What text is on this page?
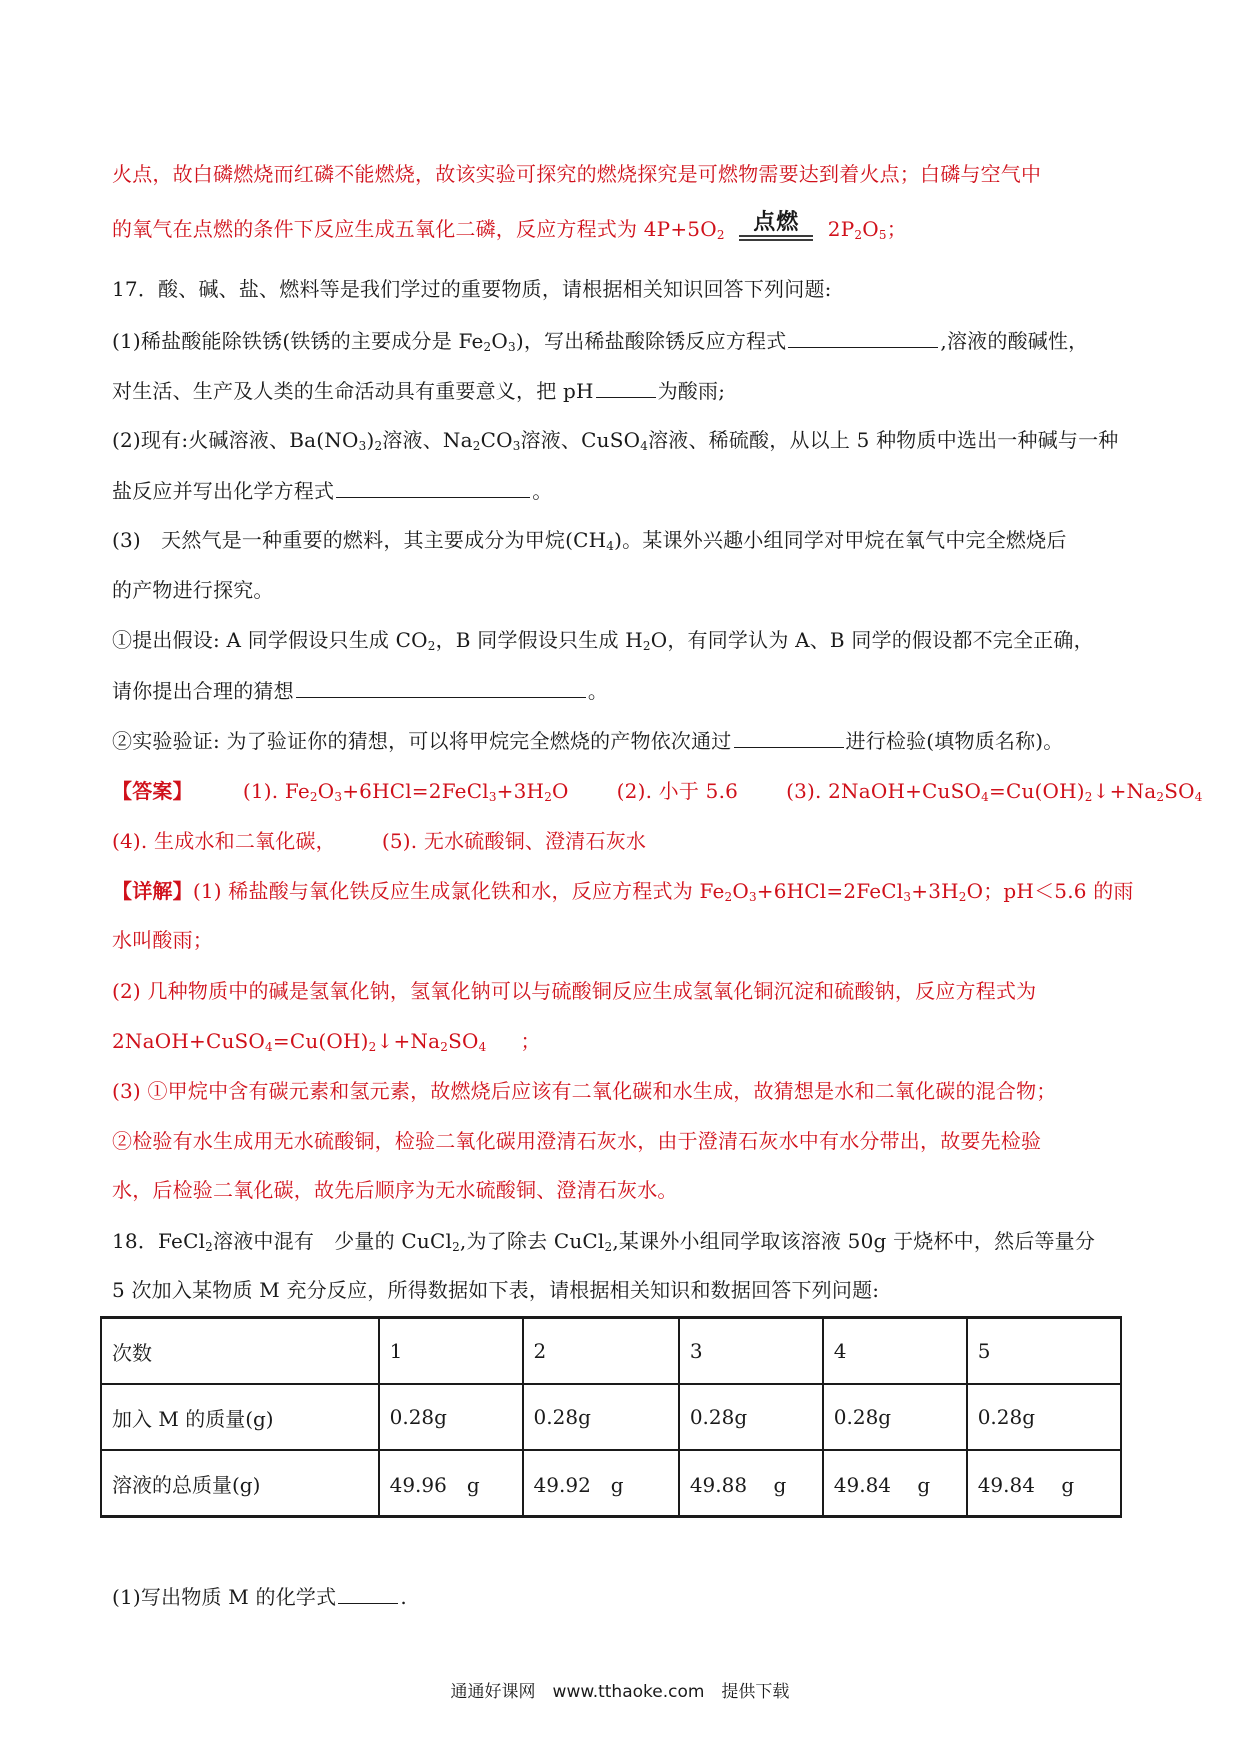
火点，故白磷燃烧而红磷不能燃烧，故该实验可探究的燃烧探究是可燃物需要达到着火点；白磷与空气中
的氧气在点燃的条件下反应生成五氧化二磷，反应方程式为 $4P+5O_2$	点燃	$2P_2O_5$；
17．酸、碱、盐、燃料等是我们学过的重要物质，请根据相关知识回答下列问题:
(1)稀盐酸能除铁锈(铁锈的主要成分是 $Fe_2O_3$)，写出稀盐酸除锈反应方程式	,溶液的酸碱性，
对生活、生产及人类的生命活动具有重要意义，把 pH	为酸雨;
(2)现有:火碱溶液、$Ba(NO_3)_2$溶液、$Na_2CO_3$溶液、CuSO$_4$溶液、稀硫酸，从以上 5 种物质中选出一种碱与一种
盐反应并写出化学方程式	。
(3)　天然气是一种重要的燃料，其主要成分为甲烷$(CH_4)$。某课外兴趣小组同学对甲烷在氧气中完全燃烧后
的产物进行探究。
①提出假设: A 同学假设只生成 $CO_2$，B 同学假设只生成 $H_2O$，有同学认为 A、B 同学的假设都不完全正确，
请你提出合理的猜想	。
②实验验证: 为了验证你的猜想，可以将甲烷完全燃烧的产物依次通过	进行检验(填物质名称)。
【答案】	(1). $Fe_2O_3+6HCl=2FeCl_3+3H_2O$ (2). 小于 5.6 (3). $2NaOH+CuSO_4=Cu(OH)_2↓+Na_2SO_4$
(4). 生成水和二氧化碳， (5). 无水硫酸铜、澄清石灰水
【详解】(1) 稀盐酸与氧化铁反应生成氯化铁和水，反应方程式为 $Fe_2O_3+6HCl=2FeCl_3+3H_2O$；pH＜5.6 的雨
水叫酸雨；
(2) 几种物质中的碱是氢氧化钠，氢氧化钠可以与硫酸铜反应生成氢氧化铜沉淀和硫酸钠，反应方程式为
$2NaOH+CuSO_4=Cu(OH)_2↓+Na_2SO_4$ ；
(3) ①甲烷中含有碳元素和氢元素，故燃烧后应该有二氧化碳和水生成，故猜想是水和二氧化碳的混合物；
②检验有水生成用无水硫酸铜，检验二氧化碳用澄清石灰水，由于澄清石灰水中有水分带出，故要先检验
水，后检验二氧化碳，故先后顺序为无水硫酸铜、澄清石灰水。
18．FeCl$_2$溶液中混有　少量的 CuCl$_2$,为了除去 CuCl$_2$,某课外小组同学取该溶液 50g 于烧杯中，然后等量分
5 次加入某物质 M 充分反应，所得数据如下表，请根据相关知识和数据回答下列问题:
次数	1	2	3	4	5
加入 M 的质量(g)	0.28g	0.28g	0.28g	0.28g	0.28g
溶液的总质量(g)	49.96　g	49.92　g	49.88　 g	49.84　 g	49.84　 g
(1)写出物质 M 的化学式	.
通通好课网　www.tthaoke.com　提供下载
